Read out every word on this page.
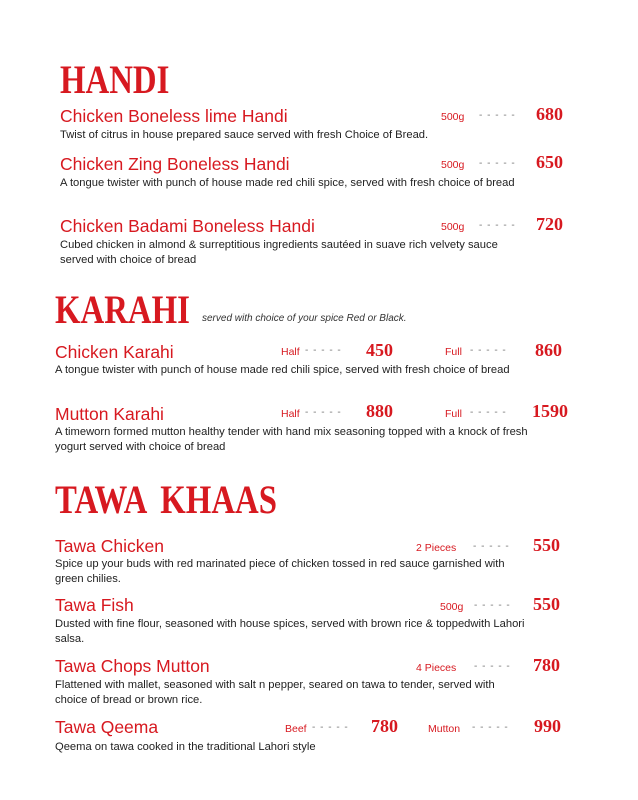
HANDI
Chicken Boneless lime Handi	500g - - - - - 680
Twist of citrus in house prepared sauce served with fresh Choice of Bread.
Chicken Zing Boneless Handi	500g - - - - - 650
A tongue twister with punch of house made red chili spice, served with fresh choice of bread
Chicken Badami Boneless Handi	500g - - - - - 720
Cubed chicken in almond & surreptitious ingredients sautéed in suave rich velvety sauce served with choice of bread
KARAHI served with choice of your spice Red or Black.
Chicken Karahi	Half - - - - - 450	Full - - - - - 860
A tongue twister with punch of house made red chili spice, served with fresh choice of bread
Mutton Karahi	Half - - - - - 880	Full - - - - - 1590
A timeworn formed mutton healthy tender with hand mix seasoning topped with a knock of fresh yogurt served with choice of bread
TAWA KHAAS
Tawa Chicken	2 Pieces - - - - - 550
Spice up your buds with red marinated piece of chicken tossed in red sauce garnished with green chilies.
Tawa Fish	500g - - - - - 550
Dusted with fine flour, seasoned with house spices, served with brown rice & toppedwith Lahori salsa.
Tawa Chops Mutton	4 Pieces - - - - - 780
Flattened with mallet, seasoned with salt n pepper, seared on tawa to tender, served with choice of bread or brown rice.
Tawa Qeema	Beef - - - - - 780	Mutton - - - - - 990
Qeema on tawa cooked in the traditional Lahori style
